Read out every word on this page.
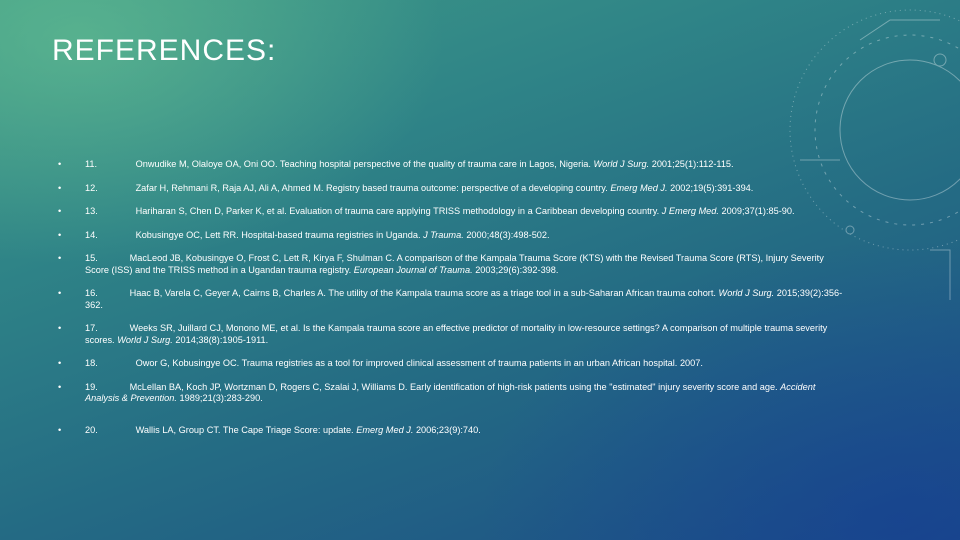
REFERENCES:
•	11.	Onwudike M, Olaloye OA, Oni OO. Teaching hospital perspective of the quality of trauma care in Lagos, Nigeria. World J Surg. 2001;25(1):112-115.
•	12.	Zafar H, Rehmani R, Raja AJ, Ali A, Ahmed M. Registry based trauma outcome: perspective of a developing country. Emerg Med J. 2002;19(5):391-394.
•	13.	Hariharan S, Chen D, Parker K, et al. Evaluation of trauma care applying TRISS methodology in a Caribbean developing country. J Emerg Med. 2009;37(1):85-90.
•	14.	Kobusingye OC, Lett RR. Hospital-based trauma registries in Uganda. J Trauma. 2000;48(3):498-502.
•	15.	MacLeod JB, Kobusingye O, Frost C, Lett R, Kirya F, Shulman C. A comparison of the Kampala Trauma Score (KTS) with the Revised Trauma Score (RTS), Injury Severity Score (ISS) and the TRISS method in a Ugandan trauma registry. European Journal of Trauma. 2003;29(6):392-398.
•	16.	Haac B, Varela C, Geyer A, Cairns B, Charles A. The utility of the Kampala trauma score as a triage tool in a sub-Saharan African trauma cohort. World J Surg. 2015;39(2):356-362.
•	17.	Weeks SR, Juillard CJ, Monono ME, et al. Is the Kampala trauma score an effective predictor of mortality in low-resource settings? A comparison of multiple trauma severity scores. World J Surg. 2014;38(8):1905-1911.
•	18.	Owor G, Kobusingye OC. Trauma registries as a tool for improved clinical assessment of trauma patients in an urban African hospital. 2007.
•	19.	McLellan BA, Koch JP, Wortzman D, Rogers C, Szalai J, Williams D. Early identification of high-risk patients using the "estimated" injury severity score and age. Accident Analysis & Prevention. 1989;21(3):283-290.
•	20.	Wallis LA, Group CT. The Cape Triage Score: update. Emerg Med J. 2006;23(9):740.
